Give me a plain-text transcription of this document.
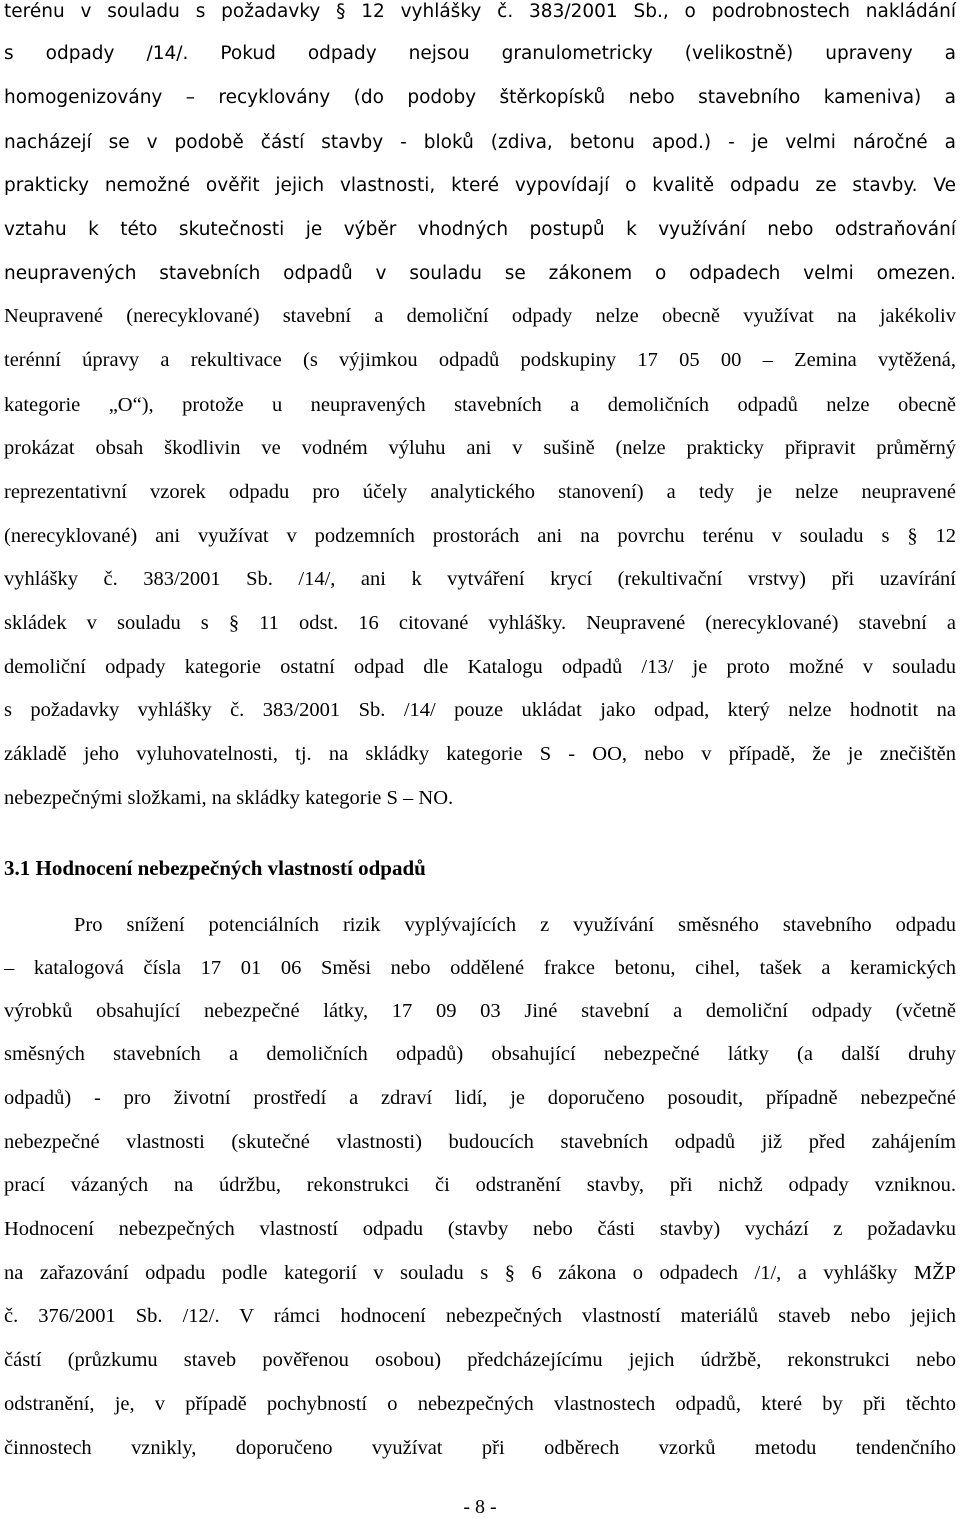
terénu v souladu s požadavky § 12 vyhlášky č. 383/2001 Sb., o podrobnostech nakládání

s odpady /14/. Pokud odpady nejsou granulometricky (velikostně) upraveny a

homogenizovány – recyklovány (do podoby štěrkopísků nebo stavebního kameniva) a

nacházejí se v podobě částí stavby - bloků (zdiva, betonu apod.) - je velmi náročné a

prakticky nemožné ověřit jejich vlastnosti, které vypovídají o kvalitě odpadu ze stavby. Ve

vztahu k této skutečnosti je výběr vhodných postupů k využívání nebo odstraňování

neupravených stavebních odpadů v souladu se zákonem o odpadech velmi omezen.

Neupravené (nerecyklované) stavební a demoliční odpady nelze obecně využívat na jakékoliv

terénní úpravy a rekultivace (s výjimkou odpadů podskupiny 17 05 00 – Zemina vytěžená,

kategorie „O“), protože u neupravených stavebních a demoličních odpadů nelze obecně

prokázat obsah škodlivin ve vodném výluhu ani v sušině (nelze prakticky připravit průměrný

reprezentativní vzorek odpadu pro účely analytického stanovení) a tedy je nelze neupravené

(nerecyklované) ani využívat v podzemních prostorách ani na povrchu terénu v souladu s § 12

vyhlášky č. 383/2001 Sb. /14/, ani k vytváření krycí (rekultivační vrstvy) při uzavírání

skládek v souladu s § 11 odst. 16 citované vyhlášky. Neupravené (nerecyklované) stavební a

demoliční odpady kategorie ostatní odpad dle Katalogu odpadů /13/ je proto možné v souladu

s požadavky vyhlášky č. 383/2001 Sb. /14/ pouze ukládat jako odpad, který nelze hodnotit na

základě jeho vyluhovatelnosti, tj. na skládky kategorie S - OO, nebo v případě, že je znečištěn

nebezpečnými složkami, na skládky kategorie S – NO.

3.1 Hodnocení nebezpečných vlastností odpadů

Pro snížení potenciálních rizik vyplývajících z využívání směsného stavebního odpadu

– katalogová čísla 17 01 06 Směsi nebo oddělené frakce betonu, cihel, tašek a keramických

výrobků obsahující nebezpečné látky, 17 09 03 Jiné stavební a demoliční odpady (včetně

směsných stavebních a demoličních odpadů) obsahující nebezpečné látky (a další druhy

odpadů) - pro životní prostředí a zdraví lidí, je doporučeno posoudit, případně nebezpečné

nebezpečné vlastnosti (skutečné vlastnosti) budoucích stavebních odpadů již před zahájením

prací vázaných na údržbu, rekonstrukci či odstranění stavby, při nichž odpady vzniknou.

Hodnocení nebezpečných vlastností odpadu (stavby nebo části stavby) vychází z požadavku

na zařazování odpadu podle kategorií v souladu s § 6 zákona o odpadech /1/, a vyhlášky MŽP

č. 376/2001 Sb. /12/. V rámci hodnocení nebezpečných vlastností materiálů staveb nebo jejich

částí (průzkumu staveb pověřenou osobou) předcházejícímu jejich údržbě, rekonstrukci nebo

odstranění, je, v případě pochybností o nebezpečných vlastnostech odpadů, které by při těchto

činnostech vznikly, doporučeno využívat při odběrech vzorků metodu tendenčního

- 8 -
